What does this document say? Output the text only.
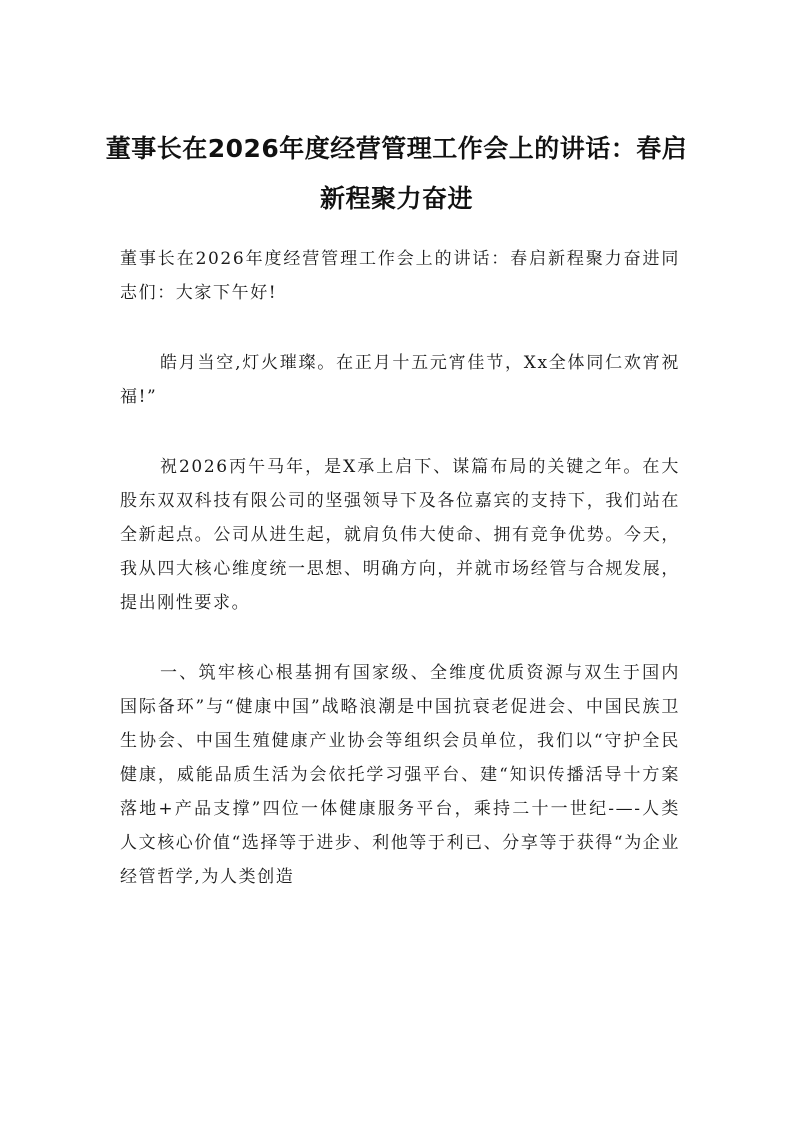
董事长在2026年度经营管理工作会上的讲话：春启新程聚力奋进

董事长在2026年度经营管理工作会上的讲话：春启新程聚力奋进同志们：大家下午好!

皓月当空,灯火璀璨。在正月十五元宵佳节，Xx全体同仁欢宵祝福!”

祝2026丙午马年，是X承上启下、谋篇布局的关键之年。在大股东双双科技有限公司的坚强领导下及各位嘉宾的支持下，我们站在全新起点。公司从进生起，就肩负伟大使命、拥有竞争优势。今天，我从四大核心维度统一思想、明确方向，并就市场经管与合规发展，提出刚性要求。

一、筑牢核心根基拥有国家级、全维度优质资源与双生于国内国际备环”与“健康中国”战略浪潮是中国抗衰老促进会、中国民族卫生协会、中国生殖健康产业协会等组织会员单位，我们以“守护全民健康，威能品质生活为会依托学习强平台、建“知识传播活导十方案落地+产品支撑”四位一体健康服务平台，乘持二十一世纪-—-人类人文核心价值“选择等于进步、利他等于利已、分享等于获得“为企业经管哲学,为人类创造
